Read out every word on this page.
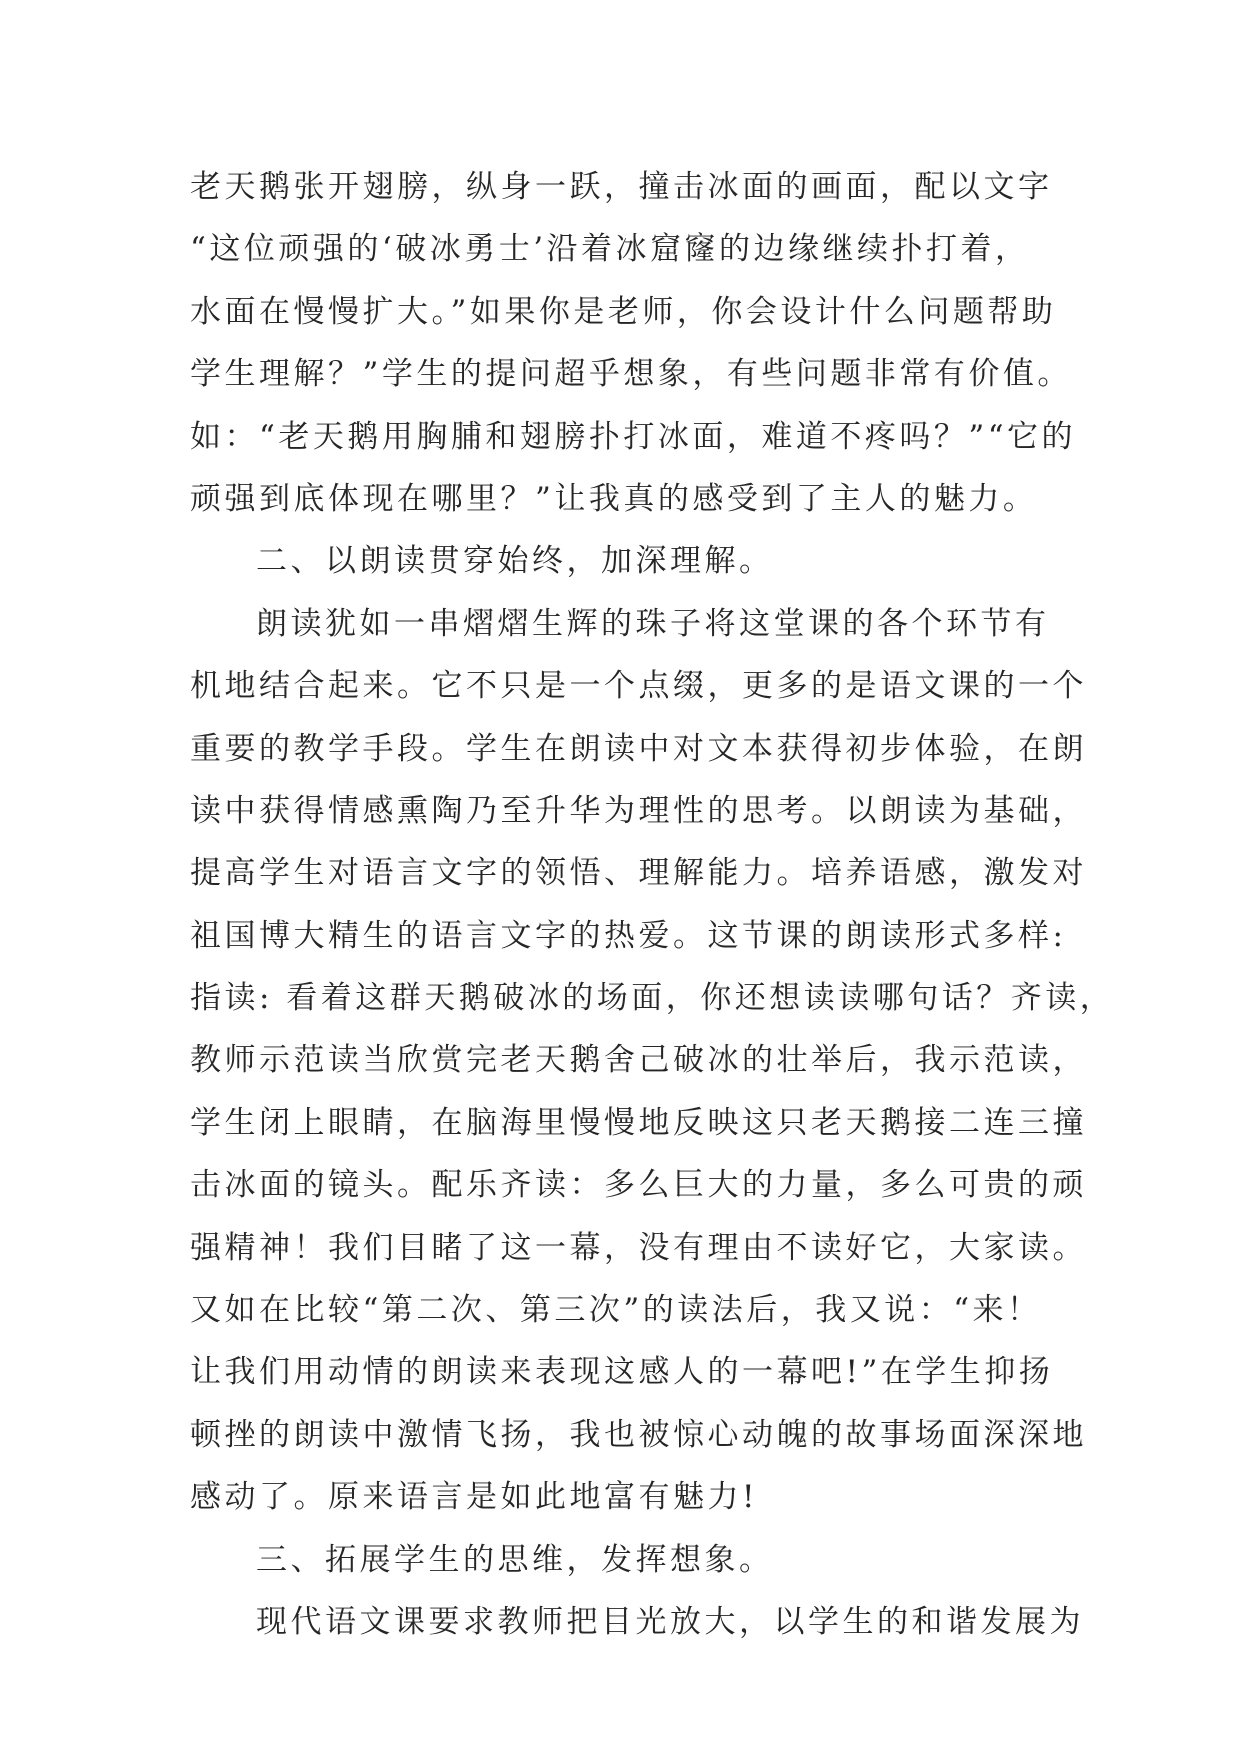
老天鹅张开翅膀，纵身一跃，撞击冰面的画面，配以文字
“这位顽强的‘破冰勇士’沿着冰窟窿的边缘继续扑打着，
水面在慢慢扩大。”如果你是老师，你会设计什么问题帮助
学生理解？”学生的提问超乎想象，有些问题非常有价值。
如：“老天鹅用胸脯和翅膀扑打冰面，难道不疼吗？”“它的
顽强到底体现在哪里？”让我真的感受到了主人的魅力。
二、以朗读贯穿始终，加深理解。
朗读犹如一串熠熠生辉的珠子将这堂课的各个环节有
机地结合起来。它不只是一个点缀，更多的是语文课的一个
重要的教学手段。学生在朗读中对文本获得初步体验，在朗
读中获得情感熏陶乃至升华为理性的思考。以朗读为基础，
提高学生对语言文字的领悟、理解能力。培养语感，激发对
祖国博大精生的语言文字的热爱。这节课的朗读形式多样:
指读: 看着这群天鹅破冰的场面，你还想读读哪句话？齐读，
教师示范读当欣赏完老天鹅舍己破冰的壮举后，我示范读，
学生闭上眼睛，在脑海里慢慢地反映这只老天鹅接二连三撞
击冰面的镜头。配乐齐读：多么巨大的力量，多么可贵的顽
强精神！我们目睹了这一幕，没有理由不读好它，大家读。
又如在比较“第二次、第三次”的读法后，我又说：“来！
让我们用动情的朗读来表现这感人的一幕吧!”在学生抑扬
顿挫的朗读中激情飞扬，我也被惊心动魄的故事场面深深地
感动了。原来语言是如此地富有魅力!
三、拓展学生的思维，发挥想象。
现代语文课要求教师把目光放大，以学生的和谐发展为
